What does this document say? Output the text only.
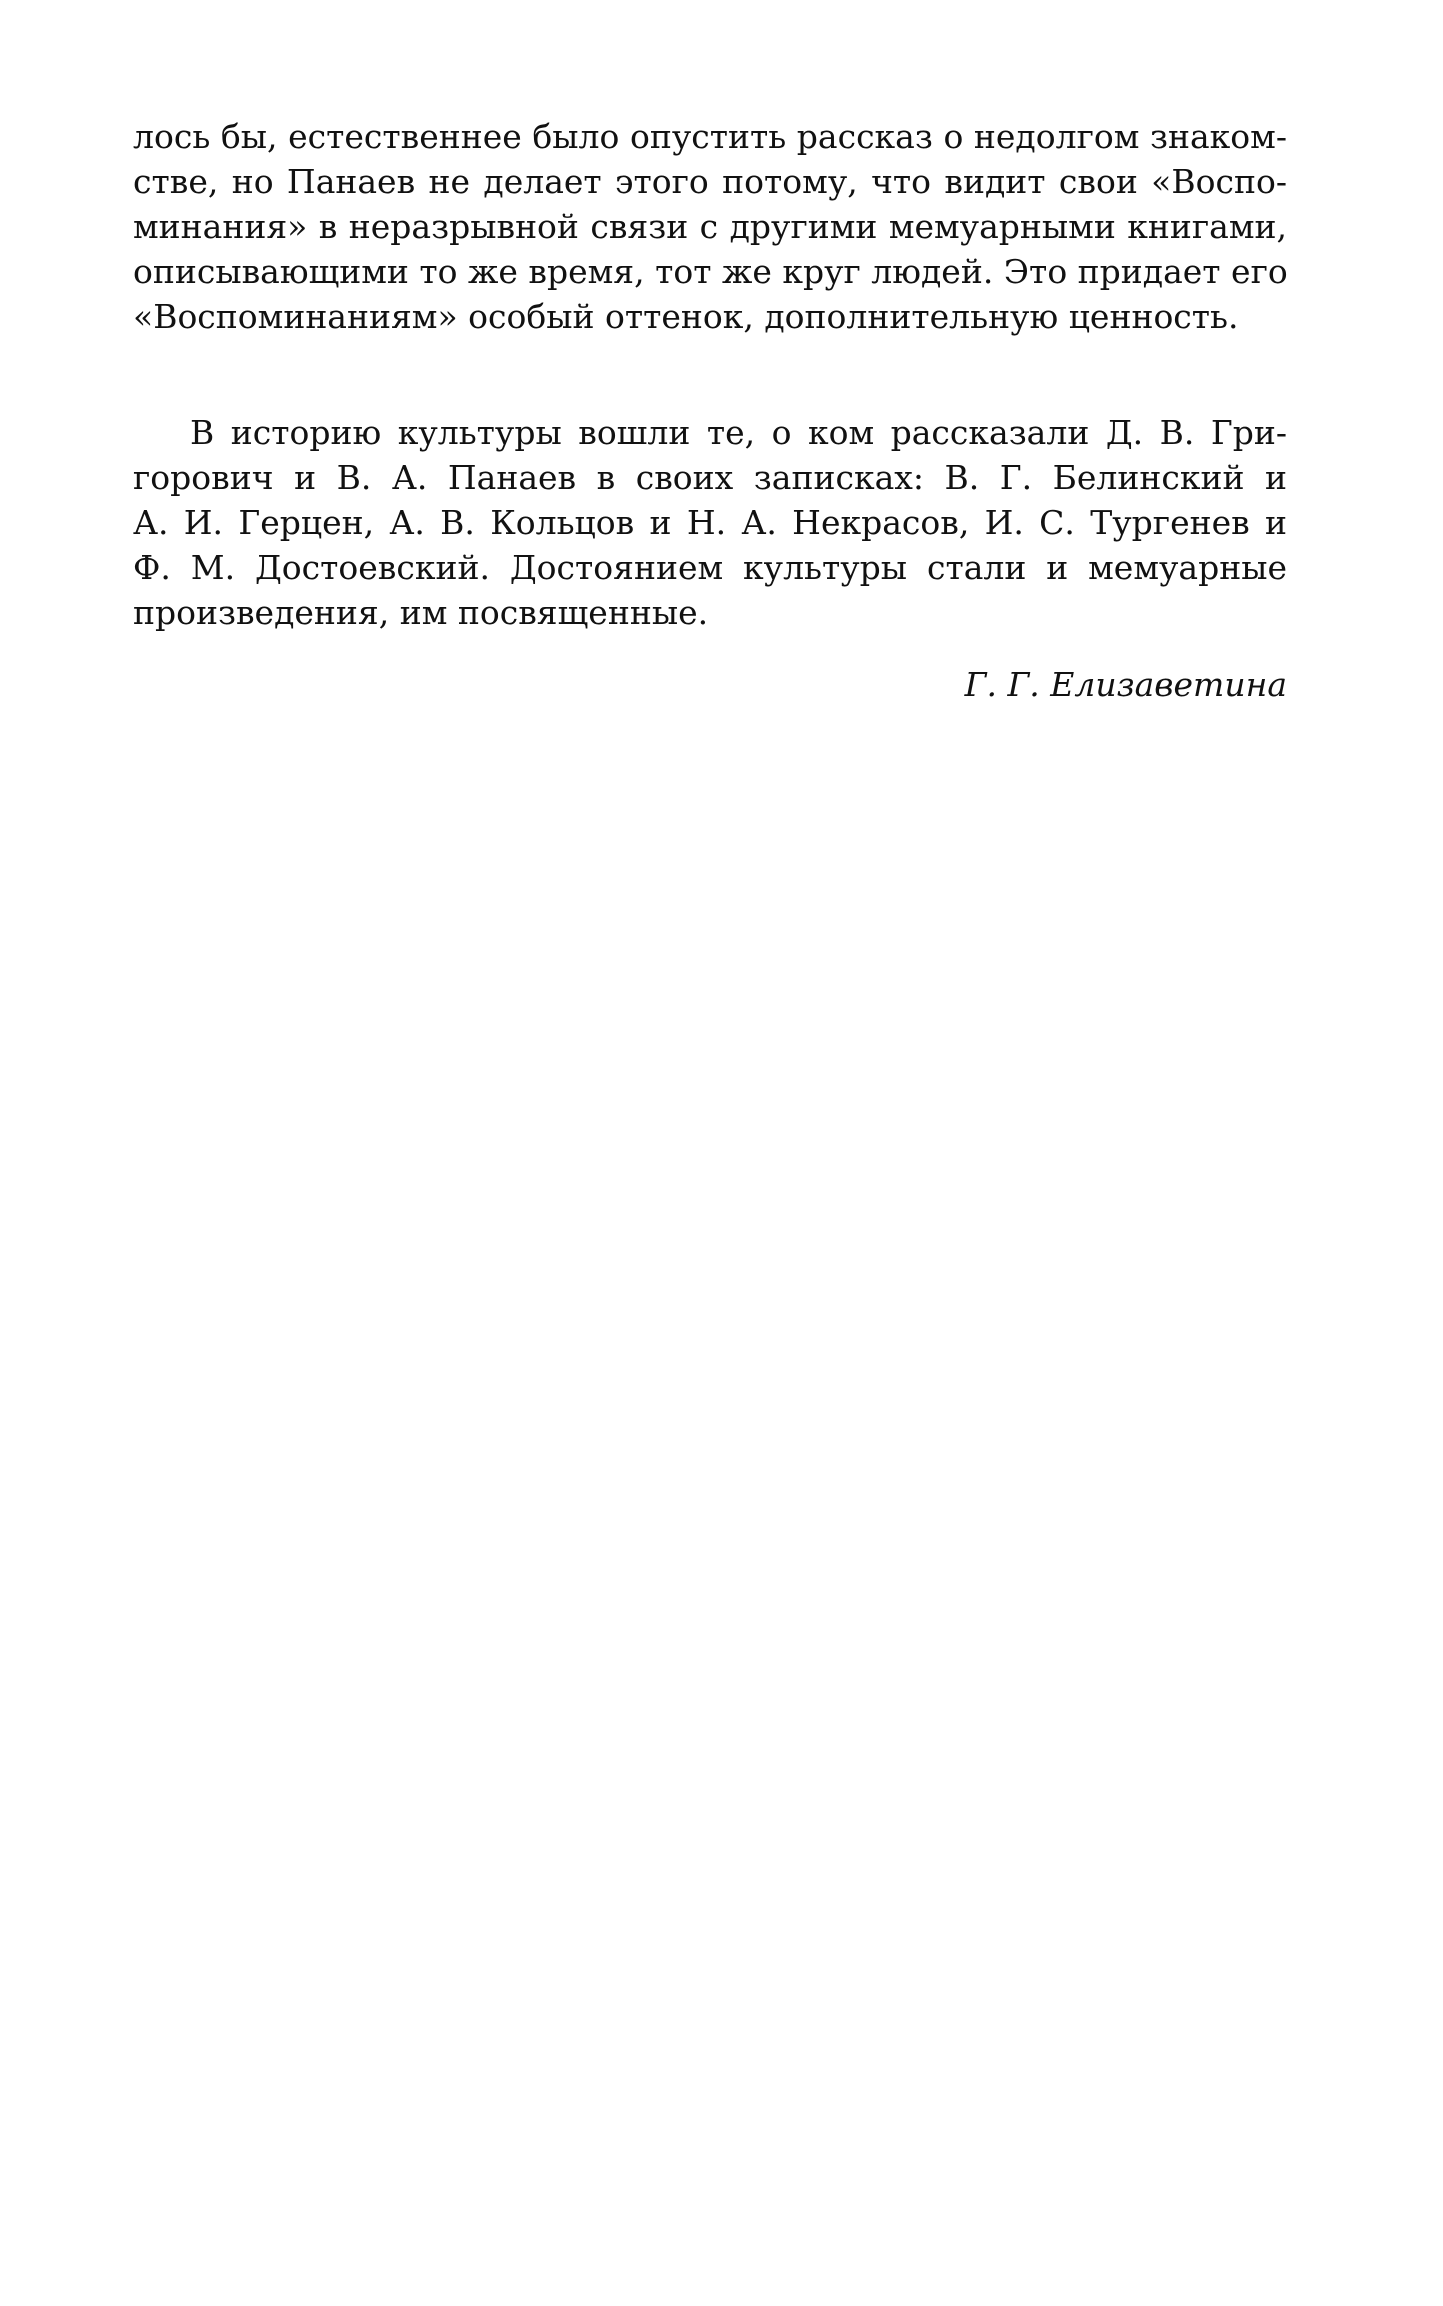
лось бы, естественнее было опустить рассказ о недолгом знаком-
стве, но Панаев не делает этого потому, что видит свои «Воспо-
минания» в неразрывной связи с другими мемуарными книгами,
описывающими то же время, тот же круг людей. Это придает его
«Воспоминаниям» особый оттенок, дополнительную ценность.
В историю культуры вошли те, о ком рассказали Д. В. Гри-
горович и В. А. Панаев в своих записках: В. Г. Белинский и
А. И. Герцен, А. В. Кольцов и Н. А. Некрасов, И. С. Тургенев и
Ф. М. Достоевский. Достоянием культуры стали и мемуарные
произведения, им посвященные.
Г. Г. Елизаветина
